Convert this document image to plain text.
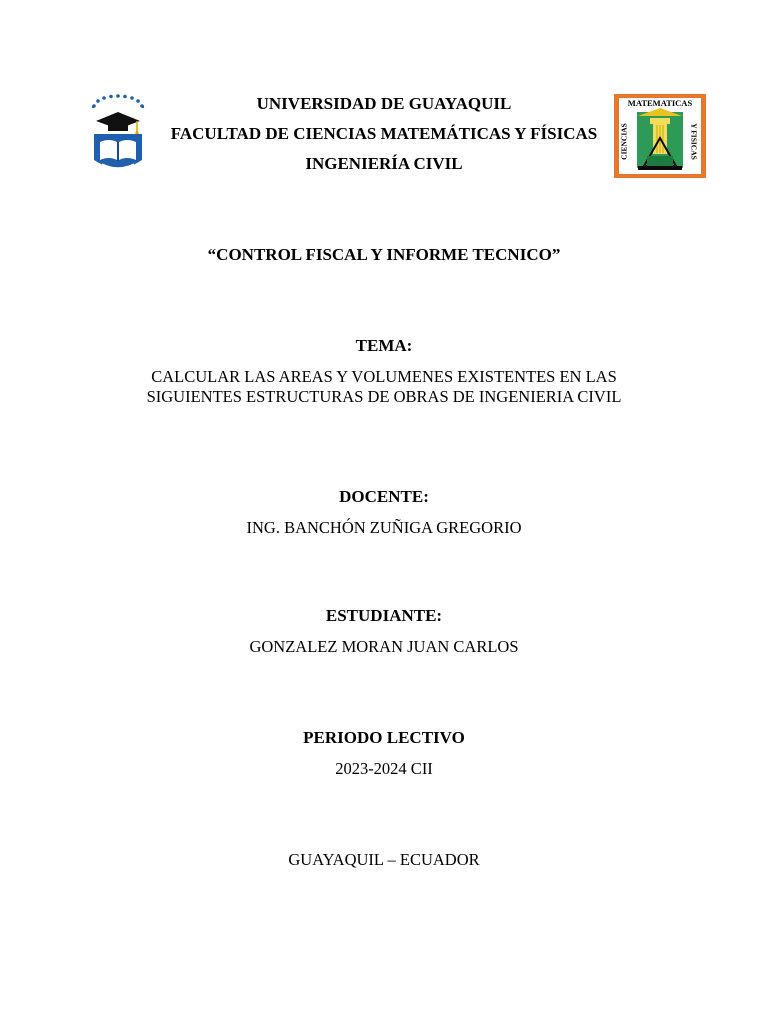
MATEMATICAS
CIENCIAS	Y FISICAS
UNIVERSIDAD DE GUAYAQUIL
FACULTAD DE CIENCIAS MATEMÁTICAS Y FÍSICAS
INGENIERÍA CIVIL
“CONTROL FISCAL Y INFORME TECNICO”
TEMA:
CALCULAR LAS AREAS Y VOLUMENES EXISTENTES EN LAS
SIGUIENTES ESTRUCTURAS DE OBRAS DE INGENIERIA CIVIL
DOCENTE:
ING. BANCHÓN ZUÑIGA GREGORIO
ESTUDIANTE:
GONZALEZ MORAN JUAN CARLOS
PERIODO LECTIVO
2023-2024 CII
GUAYAQUIL – ECUADOR
